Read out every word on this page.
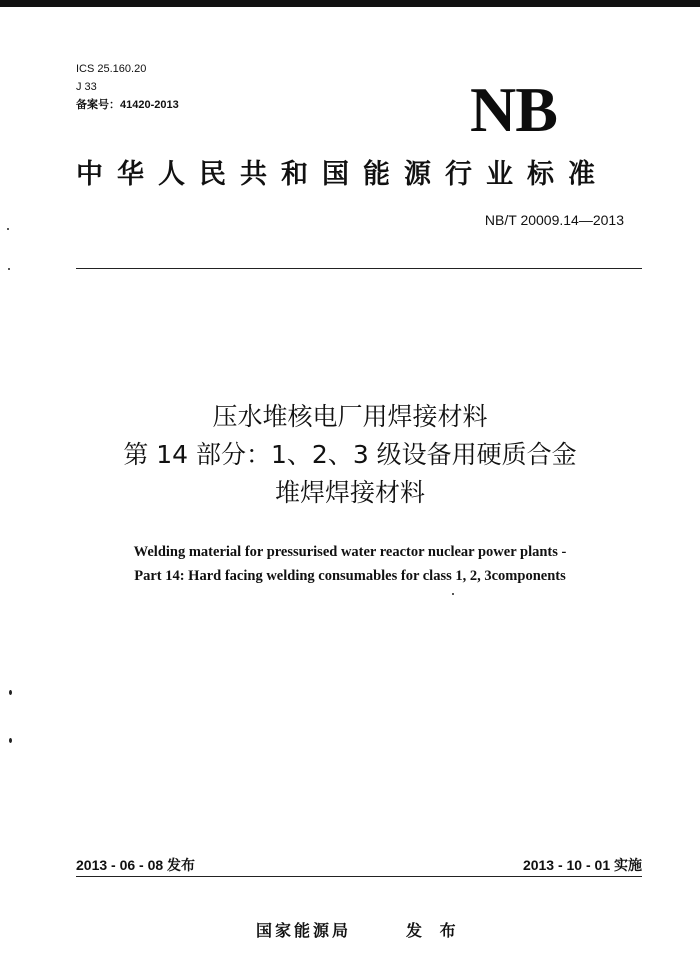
ICS 25.160.20
J 33
备案号：41420-2013	NB
中华人民共和国能源行业标准
NB/T 20009.14—2013
压水堆核电厂用焊接材料
第 14 部分：1、2、3 级设备用硬质合金
堆焊焊接材料
Welding material for pressurised water reactor nuclear power plants -
Part 14: Hard facing welding consumables for class 1, 2, 3components
2013 - 06 - 08 发布	2013 - 10 - 01 实施
国家能源局	发 布
